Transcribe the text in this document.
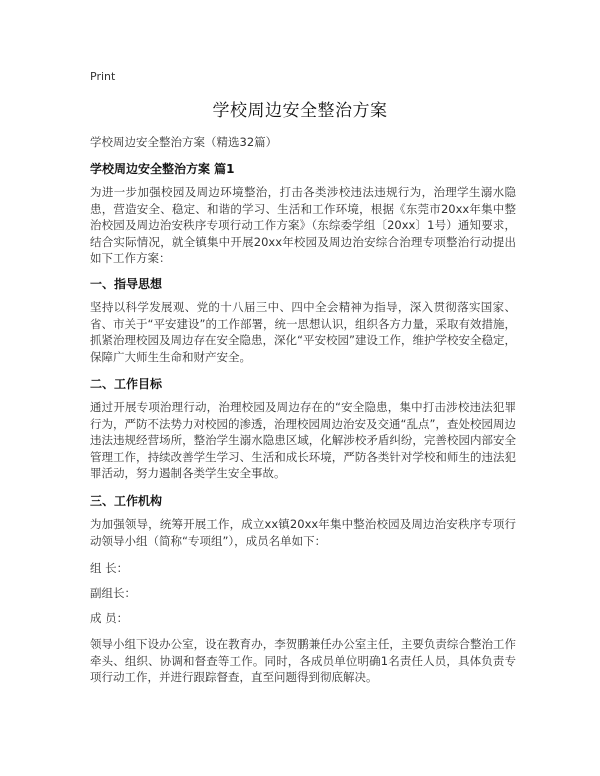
Print
学校周边安全整治方案
学校周边安全整治方案（精选32篇）
学校周边安全整治方案 篇1
为进一步加强校园及周边环境整治，打击各类涉校违法违规行为，治理学生溺水隐患，营造安全、稳定、和谐的学习、生活和工作环境，根据《东莞市20xx年集中整治校园及周边治安秩序专项行动工作方案》（东综委学组〔20xx〕1号）通知要求，结合实际情况，就全镇集中开展20xx年校园及周边治安综合治理专项整治行动提出如下工作方案：
一、指导思想
坚持以科学发展观、党的十八届三中、四中全会精神为指导，深入贯彻落实国家、省、市关于“平安建设”的工作部署，统一思想认识，组织各方力量，采取有效措施，抓紧治理校园及周边存在安全隐患，深化“平安校园”建设工作，维护学校安全稳定，保障广大师生生命和财产安全。
二、工作目标
通过开展专项治理行动，治理校园及周边存在的“安全隐患，集中打击涉校违法犯罪行为，严防不法势力对校园的渗透，治理校园周边治安及交通“乱点”，查处校园周边违法违规经营场所，整治学生溺水隐患区域，化解涉校矛盾纠纷，完善校园内部安全管理工作，持续改善学生学习、生活和成长环境，严防各类针对学校和师生的违法犯罪活动，努力遏制各类学生安全事故。
三、工作机构
为加强领导，统筹开展工作，成立xx镇20xx年集中整治校园及周边治安秩序专项行动领导小组（简称“专项组”），成员名单如下：
组 长：
副组长：
成 员：
领导小组下设办公室，设在教育办，李贺鹏兼任办公室主任，主要负责综合整治工作牵头、组织、协调和督查等工作。同时，各成员单位明确1名责任人员，具体负责专项行动工作，并进行跟踪督查，直至问题得到彻底解决。
